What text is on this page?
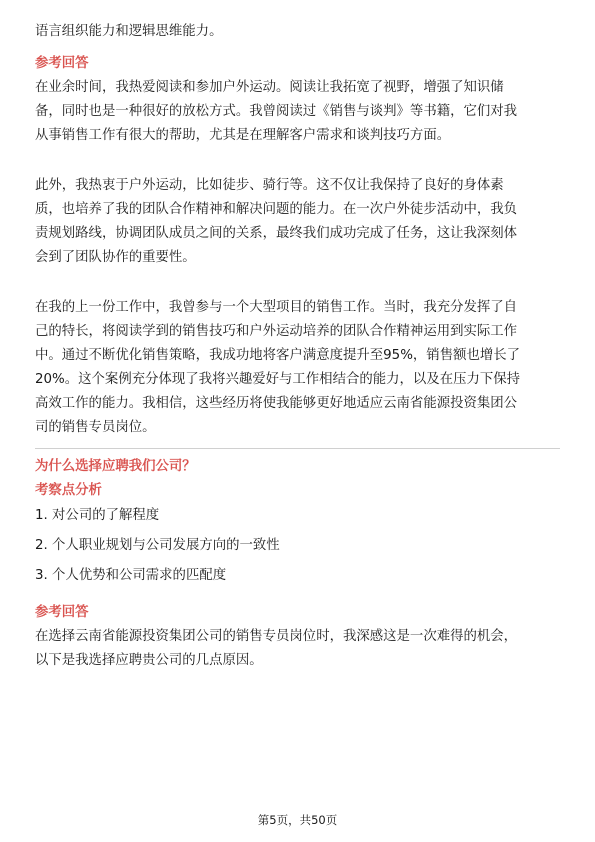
语言组织能力和逻辑思维能力。
参考回答
在业余时间，我热爱阅读和参加户外运动。阅读让我拓宽了视野，增强了知识储
备，同时也是一种很好的放松方式。我曾阅读过《销售与谈判》等书籍，它们对我
从事销售工作有很大的帮助，尤其是在理解客户需求和谈判技巧方面。
此外，我热衷于户外运动，比如徒步、骑行等。这不仅让我保持了良好的身体素
质，也培养了我的团队合作精神和解决问题的能力。在一次户外徒步活动中，我负
责规划路线，协调团队成员之间的关系，最终我们成功完成了任务，这让我深刻体
会到了团队协作的重要性。
在我的上一份工作中，我曾参与一个大型项目的销售工作。当时，我充分发挥了自
己的特长，将阅读学到的销售技巧和户外运动培养的团队合作精神运用到实际工作
中。通过不断优化销售策略，我成功地将客户满意度提升至95%，销售额也增长了
20%。这个案例充分体现了我将兴趣爱好与工作相结合的能力，以及在压力下保持
高效工作的能力。我相信，这些经历将使我能够更好地适应云南省能源投资集团公
司的销售专员岗位。
为什么选择应聘我们公司？
考察点分析
1. 对公司的了解程度
2. 个人职业规划与公司发展方向的一致性
3. 个人优势和公司需求的匹配度
参考回答
在选择云南省能源投资集团公司的销售专员岗位时，我深感这是一次难得的机会，
以下是我选择应聘贵公司的几点原因。
第5页，共50页
